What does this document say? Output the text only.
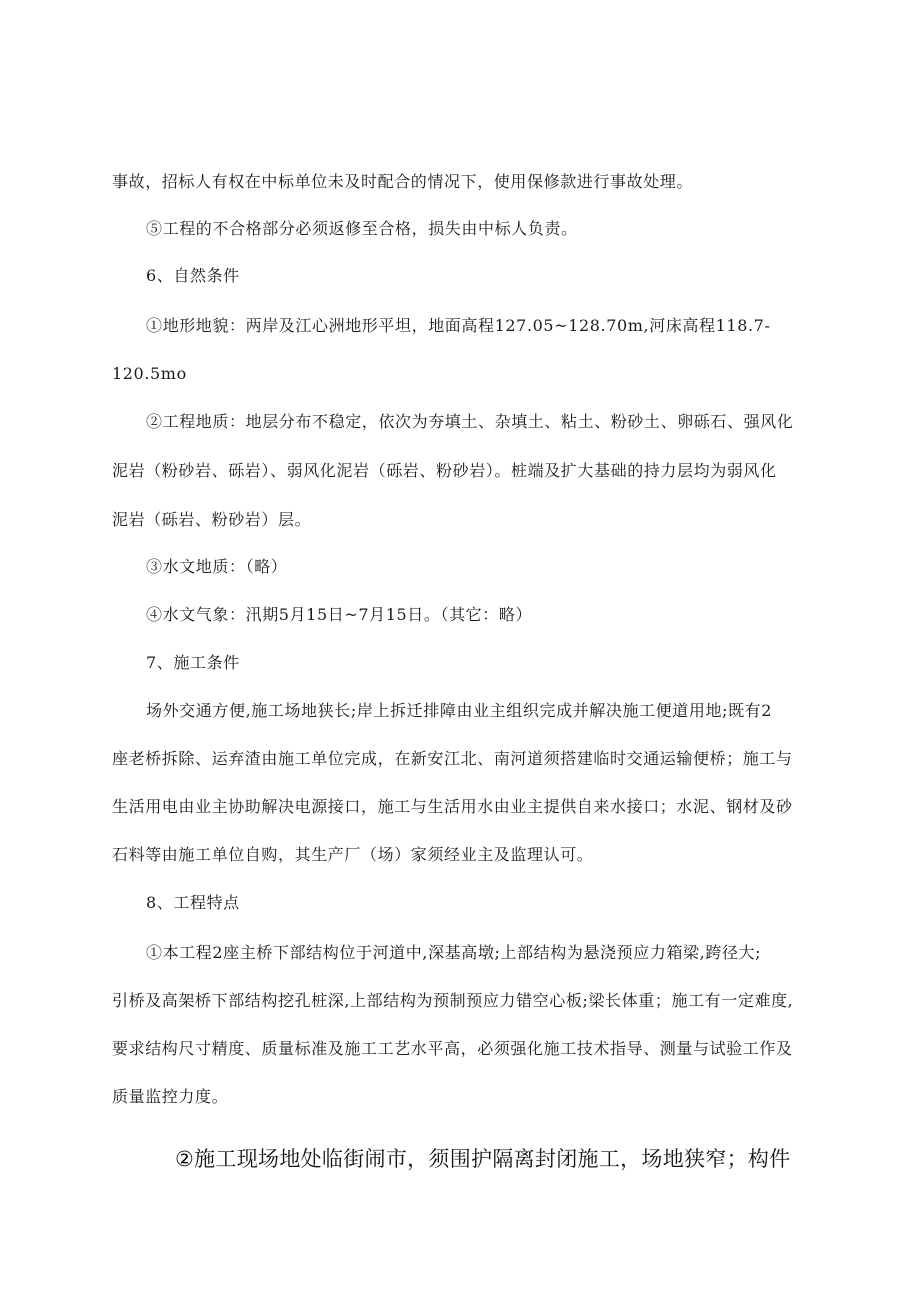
事故，招标人有权在中标单位未及时配合的情况下，使用保修款进行事故处理。
⑤工程的不合格部分必须返修至合格，损失由中标人负责。
6、自然条件
①地形地貌：两岸及江心洲地形平坦，地面高程127.05~128.70m,河床高程118.7-
120.5mo
②工程地质：地层分布不稳定，依次为夯填土、杂填土、粘土、粉砂土、卵砾石、强风化
泥岩（粉砂岩、砾岩）、弱风化泥岩（砾岩、粉砂岩）。桩端及扩大基础的持力层均为弱风化
泥岩（砾岩、粉砂岩）层。
③水文地质：（略）
④水文气象：汛期5月15日~7月15日。（其它：略）
7、施工条件
场外交通方便,施工场地狭长;岸上拆迁排障由业主组织完成并解决施工便道用地;既有2
座老桥拆除、运弃渣由施工单位完成，在新安江北、南河道须搭建临时交通运输便桥；施工与
生活用电由业主协助解决电源接口，施工与生活用水由业主提供自来水接口；水泥、钢材及砂
石料等由施工单位自购，其生产厂（场）家须经业主及监理认可。
8、工程特点
①本工程2座主桥下部结构位于河道中,深基高墩;上部结构为悬浇预应力箱梁,跨径大;
引桥及高架桥下部结构挖孔桩深,上部结构为预制预应力错空心板;梁长体重；施工有一定难度,
要求结构尺寸精度、质量标准及施工工艺水平高，必须强化施工技术指导、测量与试验工作及
质量监控力度。
②施工现场地处临街闹市，须围护隔离封闭施工，场地狭窄；构件
